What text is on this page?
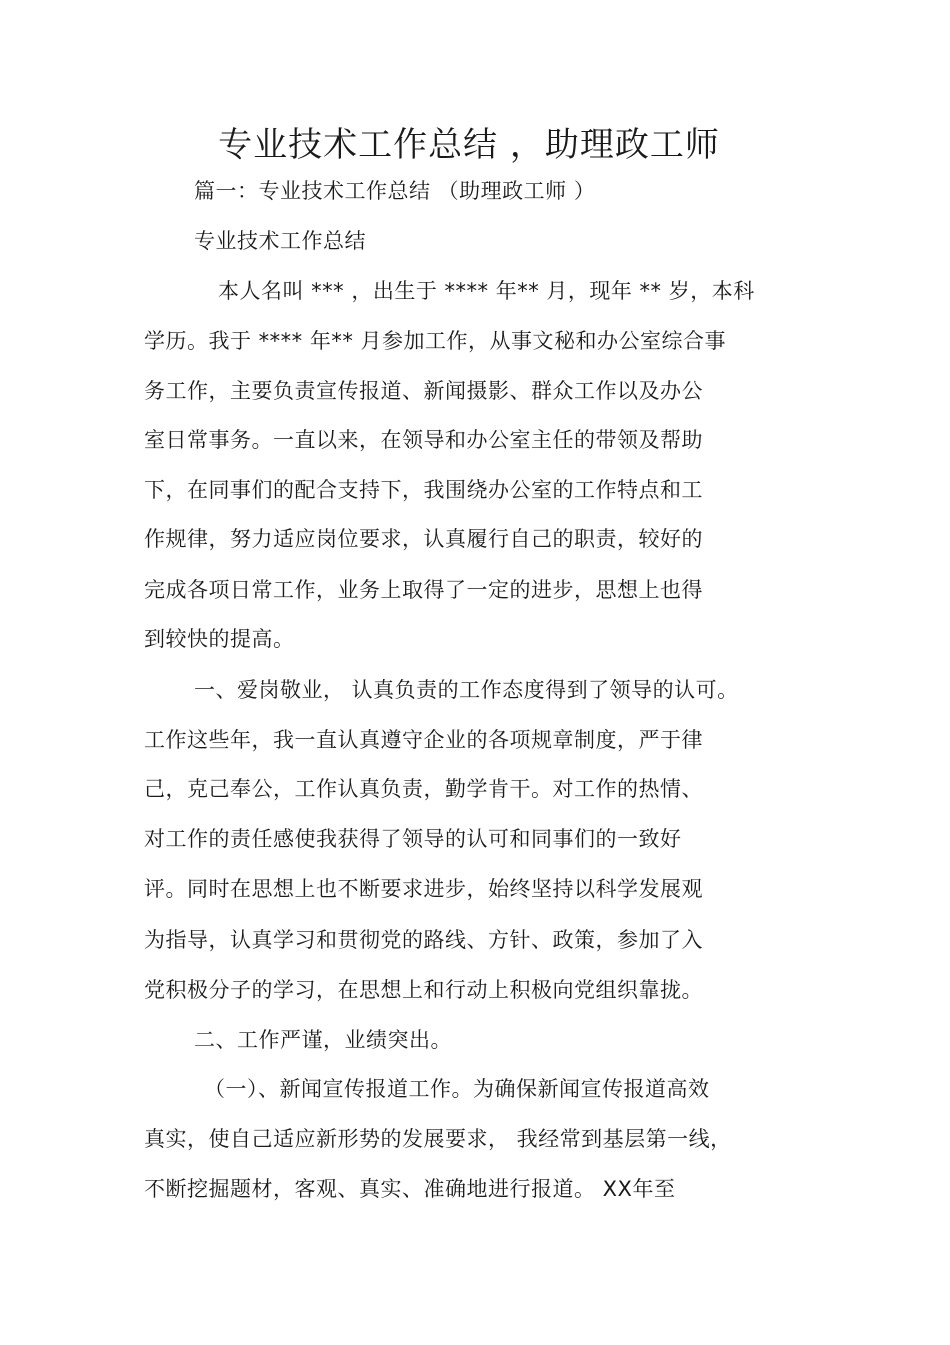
专业技术工作总结 ，助理政工师
篇一：专业技术工作总结 （助理政工师 ）
专业技术工作总结
本人名叫 *** ，出生于 **** 年** 月，现年 ** 岁，本科
学历。我于 **** 年** 月参加工作，从事文秘和办公室综合事
务工作，主要负责宣传报道、新闻摄影、群众工作以及办公
室日常事务。一直以来，在领导和办公室主任的带领及帮助
下，在同事们的配合支持下，我围绕办公室的工作特点和工
作规律，努力适应岗位要求，认真履行自己的职责，较好的
完成各项日常工作，业务上取得了一定的进步，思想上也得
到较快的提高。
一、爱岗敬业， 认真负责的工作态度得到了领导的认可。
工作这些年，我一直认真遵守企业的各项规章制度，严于律
己，克己奉公，工作认真负责，勤学肯干。对工作的热情、
对工作的责任感使我获得了领导的认可和同事们的一致好
评。同时在思想上也不断要求进步，始终坚持以科学发展观
为指导，认真学习和贯彻党的路线、方针、政策，参加了入
党积极分子的学习，在思想上和行动上积极向党组织靠拢。
二、工作严谨，业绩突出。
（一）、新闻宣传报道工作。为确保新闻宣传报道高效
真实，使自己适应新形势的发展要求， 我经常到基层第一线，
不断挖掘题材，客观、真实、准确地进行报道。 XX年至
